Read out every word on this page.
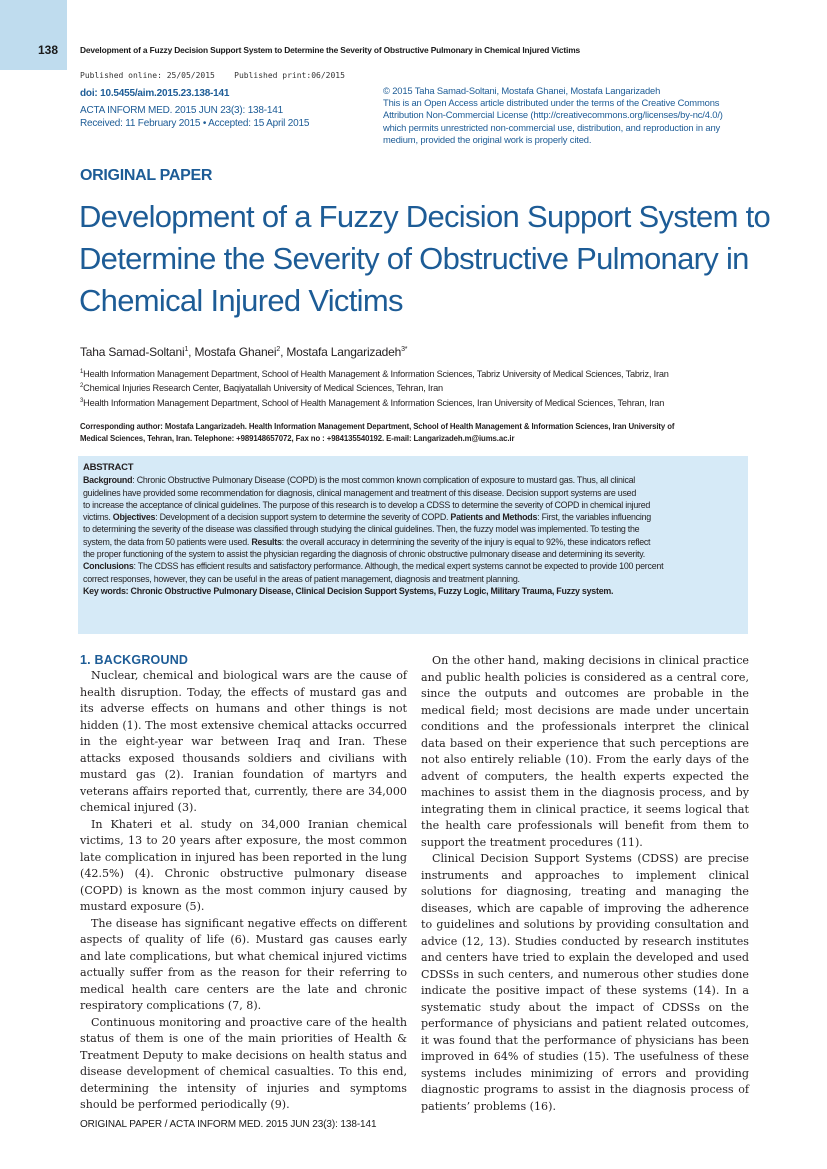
138	Development of a Fuzzy Decision Support System to Determine the Severity of Obstructive Pulmonary in Chemical Injured Victims
Published online: 25/05/2015    Published print:06/2015
doi: 10.5455/aim.2015.23.138-141
ACTA INFORM MED. 2015 JUN 23(3): 138-141
Received: 11 February 2015 • Accepted: 15 April 2015
© 2015 Taha Samad-Soltani, Mostafa Ghanei, Mostafa Langarizadeh
This is an Open Access article distributed under the terms of the Creative Commons
Attribution Non-Commercial License (http://creativecommons.org/licenses/by-nc/4.0/)
which permits unrestricted non-commercial use, distribution, and reproduction in any
medium, provided the original work is properly cited.
ORIGINAL PAPER
Development of a Fuzzy Decision Support System to
Determine the Severity of Obstructive Pulmonary in
Chemical Injured Victims
Taha Samad-Soltani$^1$, Mostafa Ghanei$^2$, Mostafa Langarizadeh$^{3*}$
$^1$Health Information Management Department, School of Health Management & Information Sciences, Tabriz University of Medical Sciences, Tabriz, Iran
$^2$Chemical Injuries Research Center, Baqiyatallah University of Medical Sciences, Tehran, Iran
$^3$Health Information Management Department, School of Health Management & Information Sciences, Iran University of Medical Sciences, Tehran, Iran
Corresponding author: Mostafa Langarizadeh. Health Information Management Department, School of Health Management & Information Sciences, Iran University of
Medical Sciences, Tehran, Iran. Telephone: +989148657072, Fax no : +984135540192. E-mail: Langarizadeh.m@iums.ac.ir
ABSTRACT
Background: Chronic Obstructive Pulmonary Disease (COPD) is the most common known complication of exposure to mustard gas. Thus, all clinical
guidelines have provided some recommendation for diagnosis, clinical management and treatment of this disease. Decision support systems are used
to increase the acceptance of clinical guidelines. The purpose of this research is to develop a CDSS to determine the severity of COPD in chemical injured
victims. Objectives: Development of a decision support system to determine the severity of COPD. Patients and Methods: First, the variables influencing
to determining the severity of the disease was classified through studying the clinical guidelines. Then, the fuzzy model was implemented. To testing the
system, the data from 50 patients were used. Results: the overall accuracy in determining the severity of the injury is equal to 92%, these indicators reflect
the proper functioning of the system to assist the physician regarding the diagnosis of chronic obstructive pulmonary disease and determining its severity.
Conclusions: The CDSS has efficient results and satisfactory performance. Although, the medical expert systems cannot be expected to provide 100 percent
correct responses, however, they can be useful in the areas of patient management, diagnosis and treatment planning.
Key words: Chronic Obstructive Pulmonary Disease, Clinical Decision Support Systems, Fuzzy Logic, Military Trauma, Fuzzy system.
1. BACKGROUND

Nuclear, chemical and biological wars are the cause of health disruption. Today, the effects of mustard gas and its adverse effects on humans and other things is not hidden (1). The most extensive chemical attacks occurred in the eight-year war between Iraq and Iran. These attacks exposed thousands soldiers and civilians with mustard gas (2). Iranian foundation of martyrs and veterans affairs reported that, currently, there are 34,000 chemical injured (3).

In Khateri et al. study on 34,000 Iranian chemical victims, 13 to 20 years after exposure, the most common late complication in injured has been reported in the lung (42.5%) (4). Chronic obstructive pulmonary disease (COPD) is known as the most common injury caused by mustard exposure (5).

The disease has significant negative effects on different aspects of quality of life (6). Mustard gas causes early and late complications, but what chemical injured victims actually suffer from as the reason for their referring to medical health care centers are the late and chronic respiratory complications (7, 8).

Continuous monitoring and proactive care of the health status of them is one of the main priorities of Health & Treatment Deputy to make decisions on health status and disease development of chemical casualties. To this end, determining the intensity of injuries and symptoms should be performed periodically (9).

On the other hand, making decisions in clinical practice and public health policies is considered as a central core, since the outputs and outcomes are probable in the medical field; most decisions are made under uncertain conditions and the professionals interpret the clinical data based on their experience that such perceptions are not also entirely reliable (10). From the early days of the advent of computers, the health experts expected the machines to assist them in the diagnosis process, and by integrating them in clinical practice, it seems logical that the health care professionals will benefit from them to support the treatment procedures (11).

Clinical Decision Support Systems (CDSS) are precise instruments and approaches to implement clinical solutions for diagnosing, treating and managing the diseases, which are capable of improving the adherence to guidelines and solutions by providing consultation and advice (12, 13). Studies conducted by research institutes and centers have tried to explain the developed and used CDSSs in such centers, and numerous other studies done indicate the positive impact of these systems (14). In a systematic study about the impact of CDSSs on the performance of physicians and patient related outcomes, it was found that the performance of physicians has been improved in 64% of studies (15). The usefulness of these systems includes minimizing of errors and providing diagnostic programs to assist in the diagnosis process of patients’ problems (16).

ORIGINAL PAPER / ACTA INFORM MED. 2015 JUN 23(3): 138-141
